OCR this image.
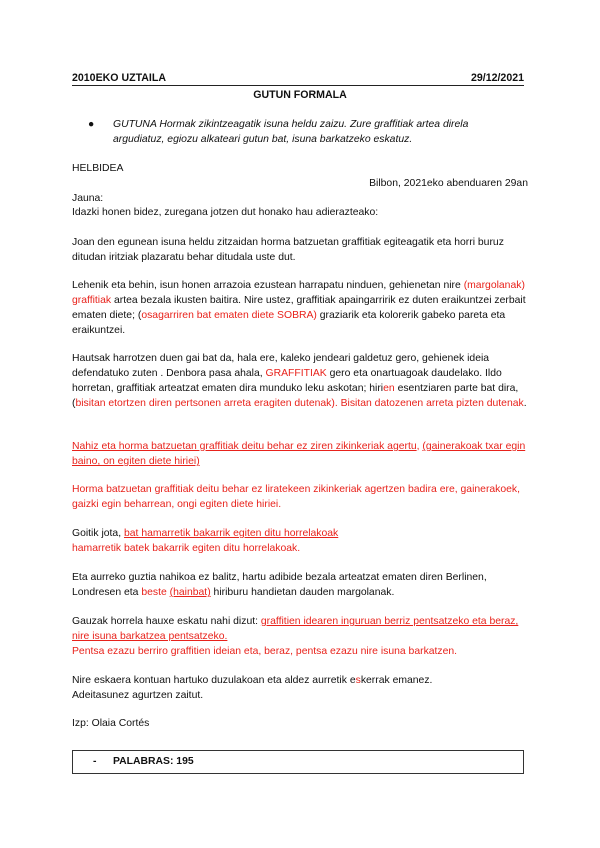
2010EKO UZTAILA	29/12/2021
GUTUN FORMALA
●	GUTUNA Hormak zikintzeagatik isuna heldu zaizu. Zure graffitiak artea direla argudiatuz, egiozu alkateari gutun bat, isuna barkatzeko eskatuz.

HELBIDEA

Bilbon, 2021eko abenduaren 29an

Jauna:

Idazki honen bidez, zuregana jotzen dut honako hau adierazteako:

Joan den egunean isuna heldu zitzaidan horma batzuetan graffitiak egiteagatik eta horri buruz ditudan iritziak plazaratu behar ditudala uste dut.

Lehenik eta behin, isun honen arrazoia ezustean harrapatu ninduen, gehienetan nire (margolanak) graffitiak artea bezala ikusten baitira. Nire ustez, graffitiak apaingarririk ez duten eraikuntzei zerbait ematen diete; (osagarriren bat ematen diete SOBRA) graziarik eta kolorerik gabeko pareta eta eraikuntzei.

Hautsak harrotzen duen gai bat da, hala ere, kaleko jendeari galdetuz gero, gehienek ideia defendatuko zuten . Denbora pasa ahala, GRAFFITIAK gero eta onartuagoak daudelako. Ildo horretan, graffitiak arteatzat ematen dira munduko leku askotan; hirien esentziaren parte bat dira, (bisitan etortzen diren pertsonen arreta eragiten dutenak). Bisitan datozenen arreta pizten dutenak.

Nahiz eta horma batzuetan graffitiak deitu behar ez ziren zikinkeriak agertu, (gainerakoak txar egin baino, on egiten diete hiriei)

Horma batzuetan graffitiak deitu behar ez liratekeen zikinkeriak agertzen badira ere, gainerakoek, gaizki egin beharrean, ongi egiten diete hiriei.

Goitik jota, bat hamarretik bakarrik egiten ditu horrelakoak
hamarretik batek bakarrik egiten ditu horrelakoak.

Eta aurreko guztia nahikoa ez balitz, hartu adibide bezala arteatzat ematen diren Berlinen, Londresen eta beste (hainbat) hiriburu handietan dauden margolanak.

Gauzak horrela hauxe eskatu nahi dizut: graffitien idearen inguruan berriz pentsatzeko eta beraz, nire isuna barkatzea pentsatzeko.
Pentsa ezazu berriro graffitien ideian eta, beraz, pentsa ezazu nire isuna barkatzen.

Nire eskaera kontuan hartuko duzulakoan eta aldez aurretik eskerrak emanez.
Adeitasunez agurtzen zaitut.

Izp: Olaia Cortés

- PALABRAS: 195
